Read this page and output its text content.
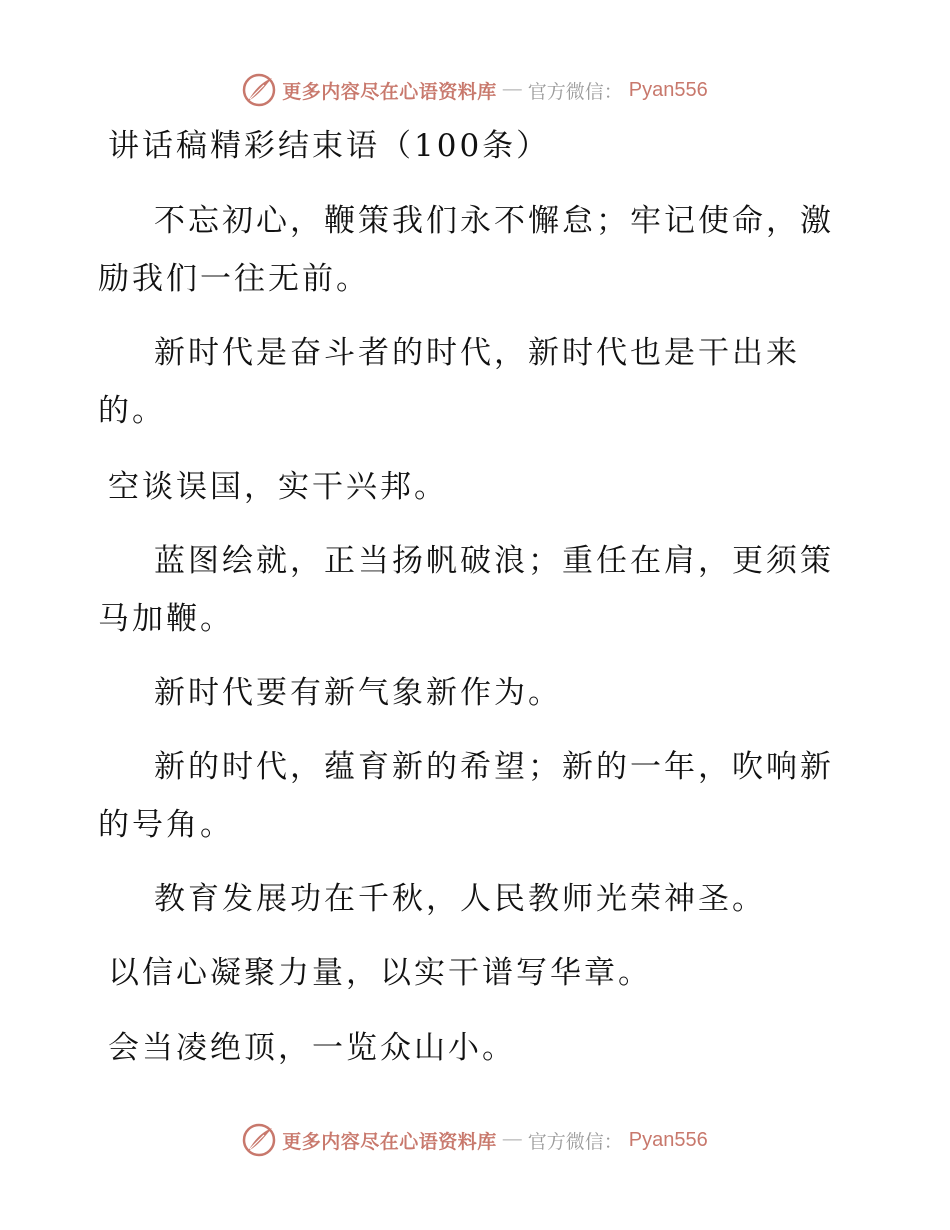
更多内容尽在心语资料库 — 官方微信： Pyan556

讲话稿精彩结束语（100条）

不忘初心，鞭策我们永不懈怠；牢记使命，激

励我们一往无前。

新时代是奋斗者的时代，新时代也是干出来

的。

空谈误国，实干兴邦。

蓝图绘就，正当扬帆破浪；重任在肩，更须策

马加鞭。

新时代要有新气象新作为。

新的时代，蕴育新的希望；新的一年，吹响新

的号角。

教育发展功在千秋，人民教师光荣神圣。

以信心凝聚力量，以实干谱写华章。

会当凌绝顶，一览众山小。

更多内容尽在心语资料库 — 官方微信： Pyan556
